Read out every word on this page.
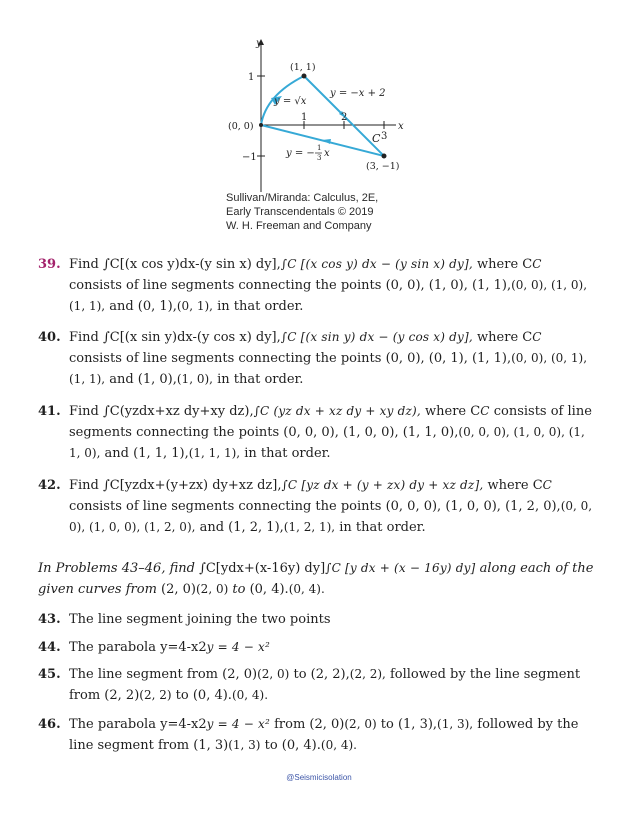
y
x
1
−1
1	2
3
(0, 0)
(1, 1)
(3, −1)
y = √x
y = −x + 2
y = − 1
3 x
C
Sullivan/Miranda: Calculus, 2E,
Early Transcendentals © 2019
W. H. Freeman and Company
39. Find ∫C[(x cos y)dx-(y sin x) dy],∫C [(x cos y) dx − (y sin x) dy], where CC consists of line segments connecting the points (0, 0), (1, 0), (1, 1),(0, 0), (1, 0), (1, 1), and (0, 1),(0, 1), in that order.
40. Find ∫C[(x sin y)dx-(y cos x) dy],∫C [(x sin y) dx − (y cos x) dy], where CC consists of line segments connecting the points (0, 0), (0, 1), (1, 1),(0, 0), (0, 1), (1, 1), and (1, 0),(1, 0), in that order.
41. Find ∫C(yzdx+xz dy+xy dz),∫C (yz dx + xz dy + xy dz), where CC consists of line segments connecting the points (0, 0, 0), (1, 0, 0), (1, 1, 0),(0, 0, 0), (1, 0, 0), (1, 1, 0), and (1, 1, 1),(1, 1, 1), in that order.
42. Find ∫C[yzdx+(y+zx) dy+xz dz],∫C [yz dx + (y + zx) dy + xz dz], where CC consists of line segments connecting the points (0, 0, 0), (1, 0, 0), (1, 2, 0),(0, 0, 0), (1, 0, 0), (1, 2, 0), and (1, 2, 1),(1, 2, 1), in that order.
In Problems 43–46, find ∫C[ydx+(x-16y) dy]∫C [y dx + (x − 16y) dy] along each of the given curves from (2, 0)(2, 0) to (0, 4).(0, 4).
43. The line segment joining the two points
44. The parabola y=4-x2y = 4 − x²
45. The line segment from (2, 0)(2, 0) to (2, 2),(2, 2), followed by the line segment from (2, 2)(2, 2) to (0, 4).(0, 4).
46. The parabola y=4-x2y = 4 − x² from (2, 0)(2, 0) to (1, 3),(1, 3), followed by the line segment from (1, 3)(1, 3) to (0, 4).(0, 4).
@Seismicisolation
